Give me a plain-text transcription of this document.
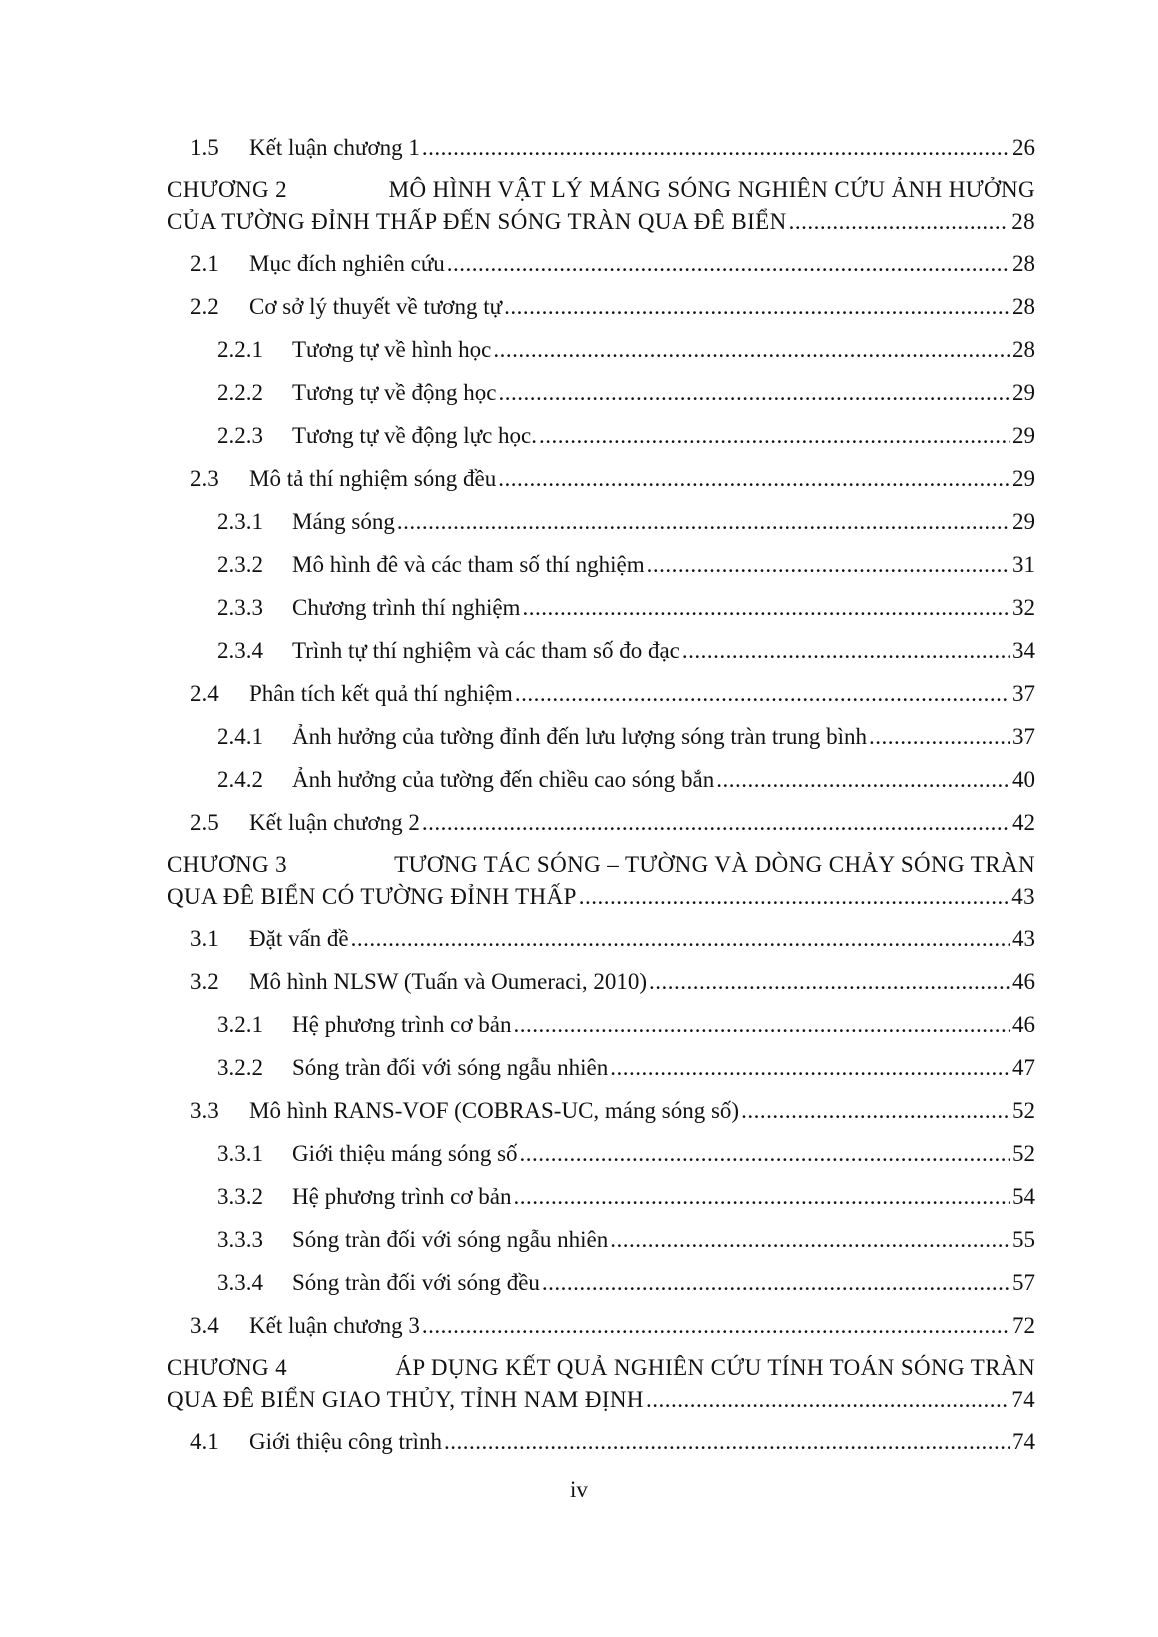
1.5 Kết luận chương 1 .....	26
CHƯƠNG 2	MÔ HÌNH VẬT LÝ MÁNG SÓNG NGHIÊN CỨU ẢNH HƯỞNG
CỦA TƯỜNG ĐỈNH THẤP ĐẾN SÓNG TRÀN QUA ĐÊ BIỂN .....	28
2.1 Mục đích nghiên cứu .....	28
2.2 Cơ sở lý thuyết về tương tự .....	28
2.2.1 Tương tự về hình học .....	28
2.2.2 Tương tự về động học .....	29
2.2.3 Tương tự về động lực học. .....	29
2.3 Mô tả thí nghiệm sóng đều .....	29
2.3.1 Máng sóng .....	29
2.3.2 Mô hình đê và các tham số thí nghiệm .....	31
2.3.3 Chương trình thí nghiệm .....	32
2.3.4 Trình tự thí nghiệm và các tham số đo đạc .....	34
2.4 Phân tích kết quả thí nghiệm .....	37
2.4.1 Ảnh hưởng của tường đỉnh đến lưu lượng sóng tràn trung bình .....	37
2.4.2 Ảnh hưởng của tường đến chiều cao sóng bắn .....	40
2.5 Kết luận chương 2 .....	42
CHƯƠNG 3	TƯƠNG TÁC SÓNG – TƯỜNG VÀ DÒNG CHẢY SÓNG TRÀN
QUA ĐÊ BIỂN CÓ TƯỜNG ĐỈNH THẤP .....	43
3.1 Đặt vấn đề .....	43
3.2 Mô hình NLSW (Tuấn và Oumeraci, 2010) .....	46
3.2.1 Hệ phương trình cơ bản .....	46
3.2.2 Sóng tràn đối với sóng ngẫu nhiên .....	47
3.3 Mô hình RANS-VOF (COBRAS-UC, máng sóng số) .....	52
3.3.1 Giới thiệu máng sóng số .....	52
3.3.2 Hệ phương trình cơ bản .....	54
3.3.3 Sóng tràn đối với sóng ngẫu nhiên .....	55
3.3.4 Sóng tràn đối với sóng đều .....	57
3.4 Kết luận chương 3 .....	72
CHƯƠNG 4	ÁP DỤNG KẾT QUẢ NGHIÊN CỨU TÍNH TOÁN SÓNG TRÀN
QUA ĐÊ BIỂN GIAO THỦY, TỈNH NAM ĐỊNH .....	74
4.1 Giới thiệu công trình .....	74
iv
